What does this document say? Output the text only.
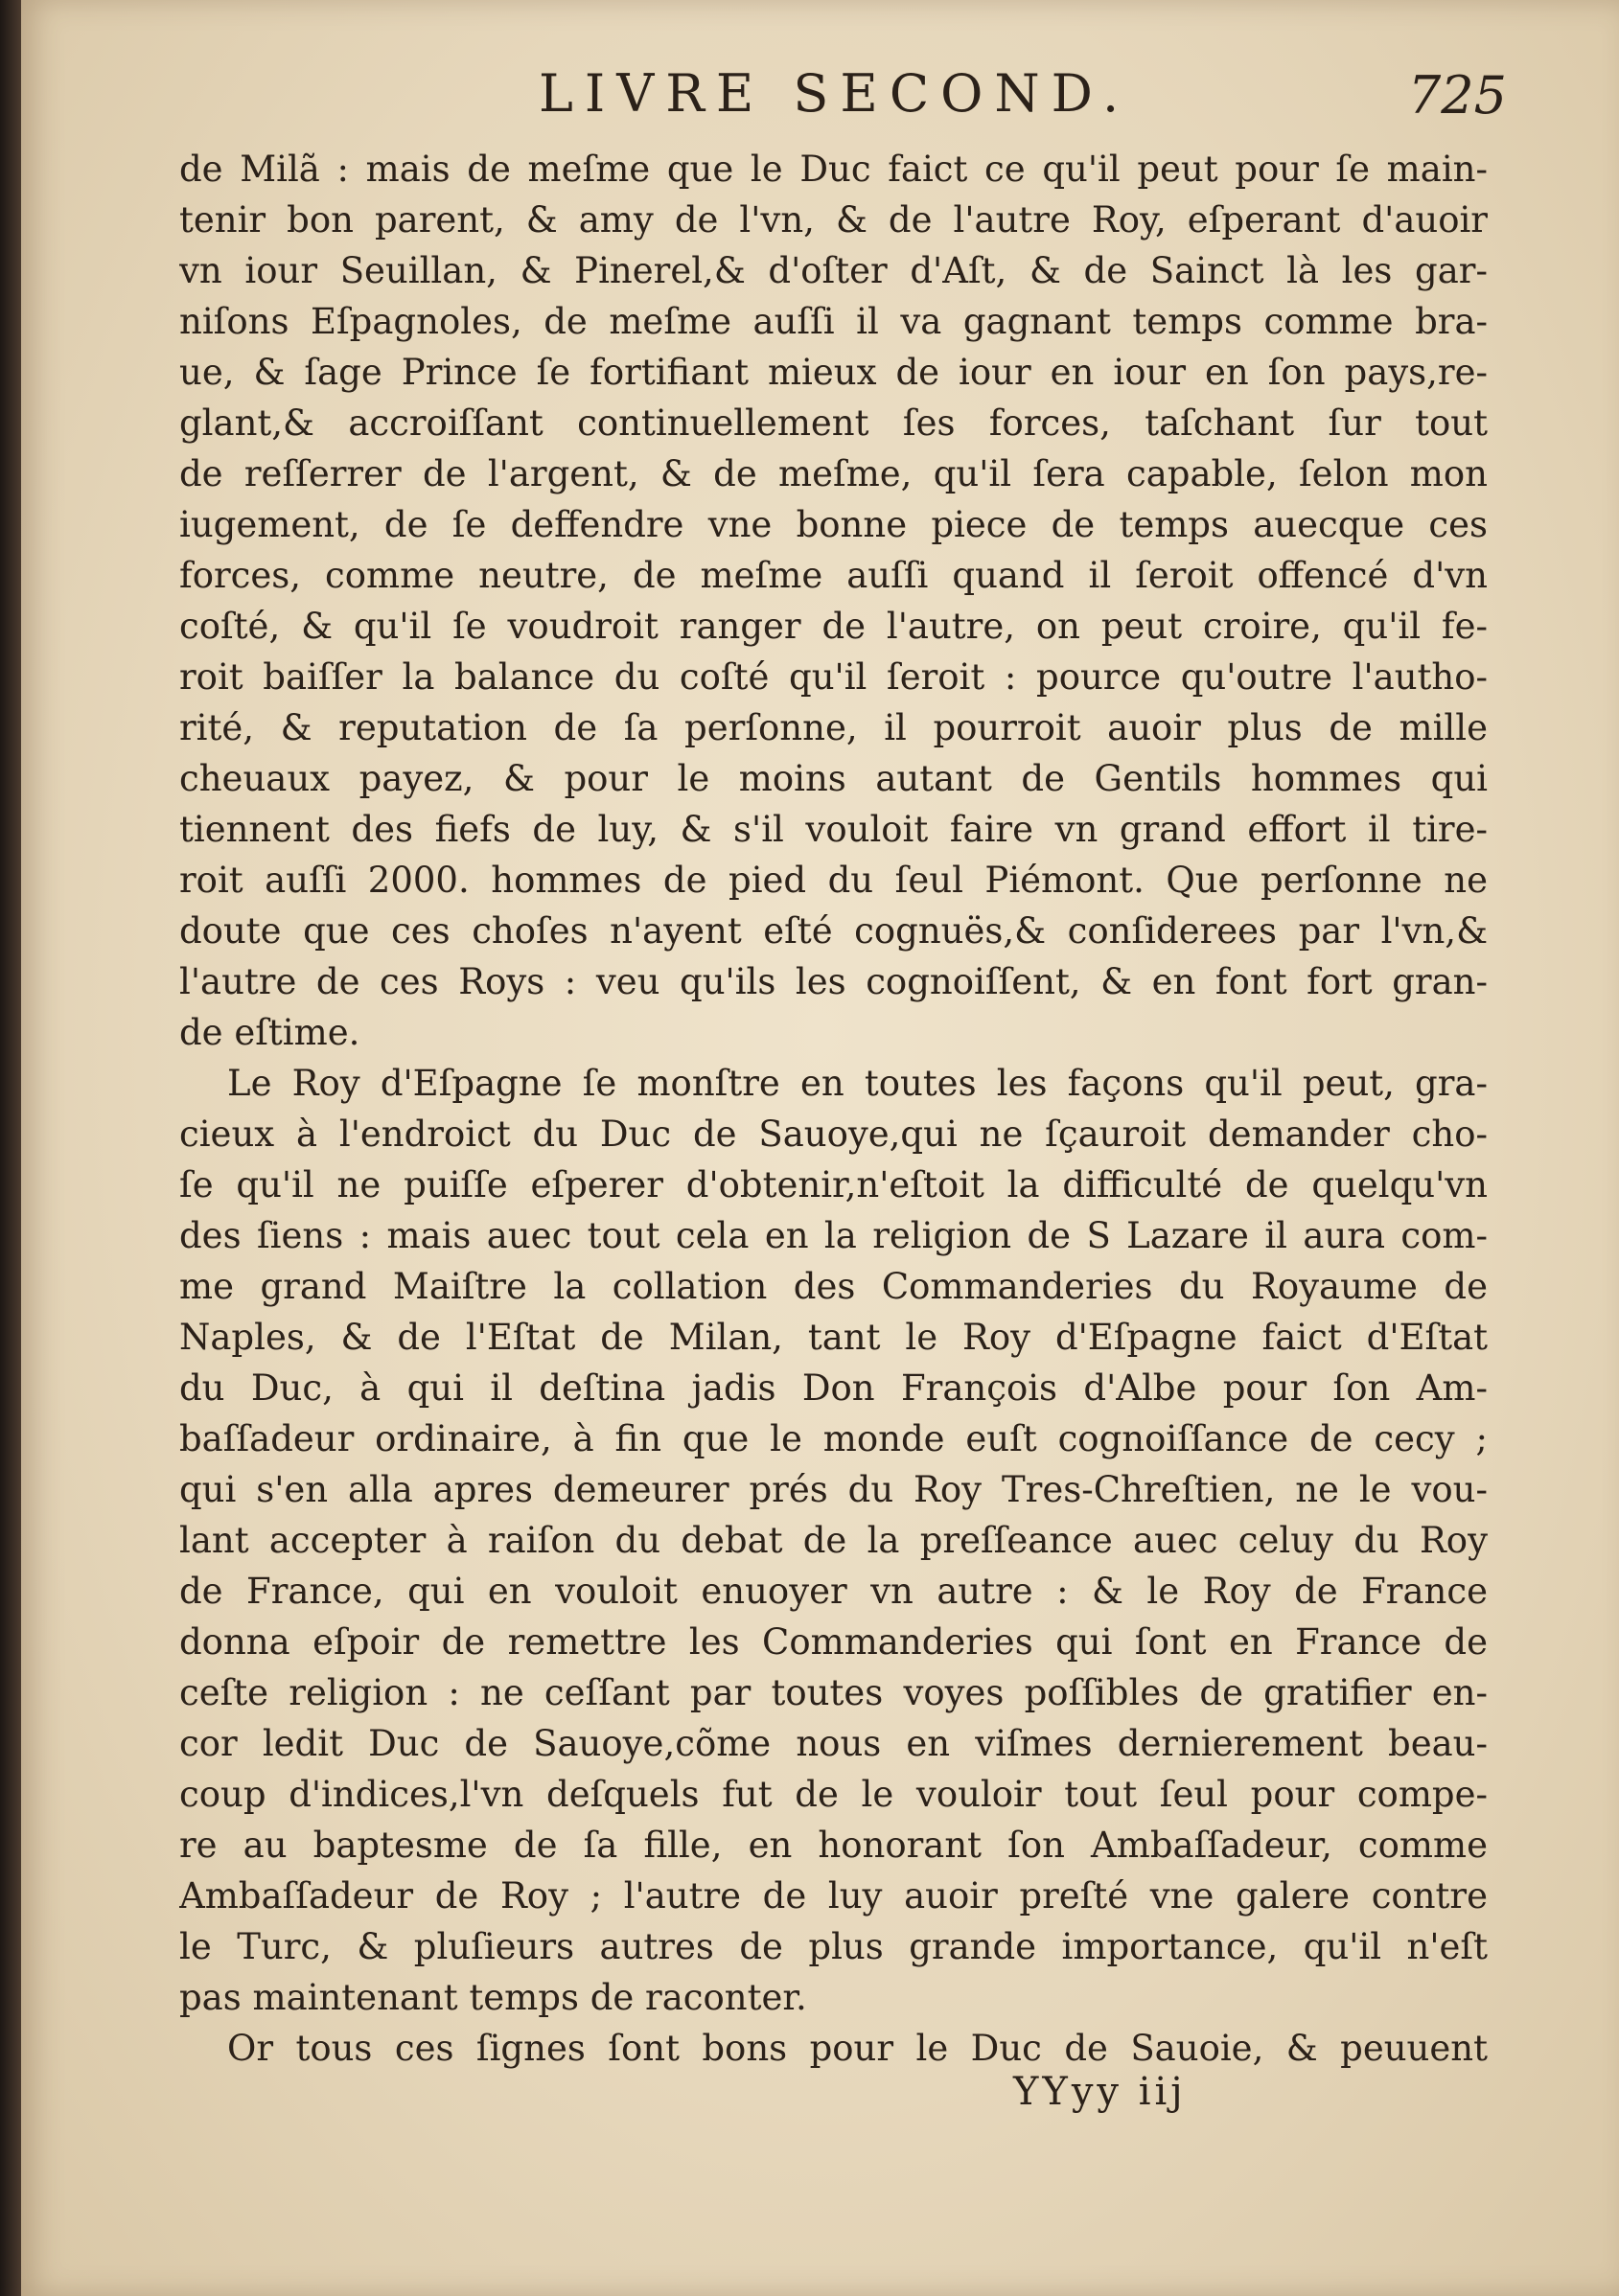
LIVRE SECOND.	725
de Milã : mais de meſme que le Duc faict ce qu'il peut pour ſe main-
tenir bon parent, & amy de l'vn, & de l'autre Roy, eſperant d'auoir
vn iour Seuillan, & Pinerel,& d'oſter d'Aſt, & de Sainct là les gar-
niſons Eſpagnoles, de meſme auſſi il va gagnant temps comme bra-
ue, & ſage Prince ſe fortifiant mieux de iour en iour en ſon pays,re-
glant,& accroiſſant continuellement ſes forces, taſchant ſur tout
de reſſerrer de l'argent, & de meſme, qu'il ſera capable, ſelon mon
iugement, de ſe deffendre vne bonne piece de temps auecque ces
forces, comme neutre, de meſme auſſi quand il ſeroit offencé d'vn
coſté, & qu'il ſe voudroit ranger de l'autre, on peut croire, qu'il fe-
roit baiſſer la balance du coſté qu'il ſeroit : pource qu'outre l'autho-
rité, & reputation de ſa perſonne, il pourroit auoir plus de mille
cheuaux payez, & pour le moins autant de Gentils hommes qui
tiennent des fiefs de luy, & s'il vouloit faire vn grand effort il tire-
roit auſſi 2000. hommes de pied du ſeul Piémont. Que perſonne ne
doute que ces choſes n'ayent eſté cognuës,& conſiderees par l'vn,&
l'autre de ces Roys : veu qu'ils les cognoiſſent, & en font fort gran-
de eſtime.
Le Roy d'Eſpagne ſe monſtre en toutes les façons qu'il peut, gra-
cieux à l'endroict du Duc de Sauoye,qui ne ſçauroit demander cho-
ſe qu'il ne puiſſe eſperer d'obtenir,n'eſtoit la difficulté de quelqu'vn
des ſiens : mais auec tout cela en la religion de S Lazare il aura com-
me grand Maiſtre la collation des Commanderies du Royaume de
Naples, & de l'Eſtat de Milan, tant le Roy d'Eſpagne faict d'Eſtat
du Duc, à qui il deſtina jadis Don François d'Albe pour ſon Am-
baſſadeur ordinaire, à fin que le monde euſt cognoiſſance de cecy ;
qui s'en alla apres demeurer prés du Roy Tres-Chreſtien, ne le vou-
lant accepter à raiſon du debat de la preſſeance auec celuy du Roy
de France, qui en vouloit enuoyer vn autre : & le Roy de France
donna eſpoir de remettre les Commanderies qui ſont en France de
ceſte religion : ne ceſſant par toutes voyes poſſibles de gratifier en-
cor ledit Duc de Sauoye,cõme nous en viſmes dernierement beau-
coup d'indices,l'vn deſquels fut de le vouloir tout ſeul pour compe-
re au baptesme de ſa fille, en honorant ſon Ambaſſadeur, comme
Ambaſſadeur de Roy ; l'autre de luy auoir preſté vne galere contre
le Turc, & pluſieurs autres de plus grande importance, qu'il n'eſt
pas maintenant temps de raconter.
Or tous ces ſignes ſont bons pour le Duc de Sauoie, & peuuent
YYyy iij
